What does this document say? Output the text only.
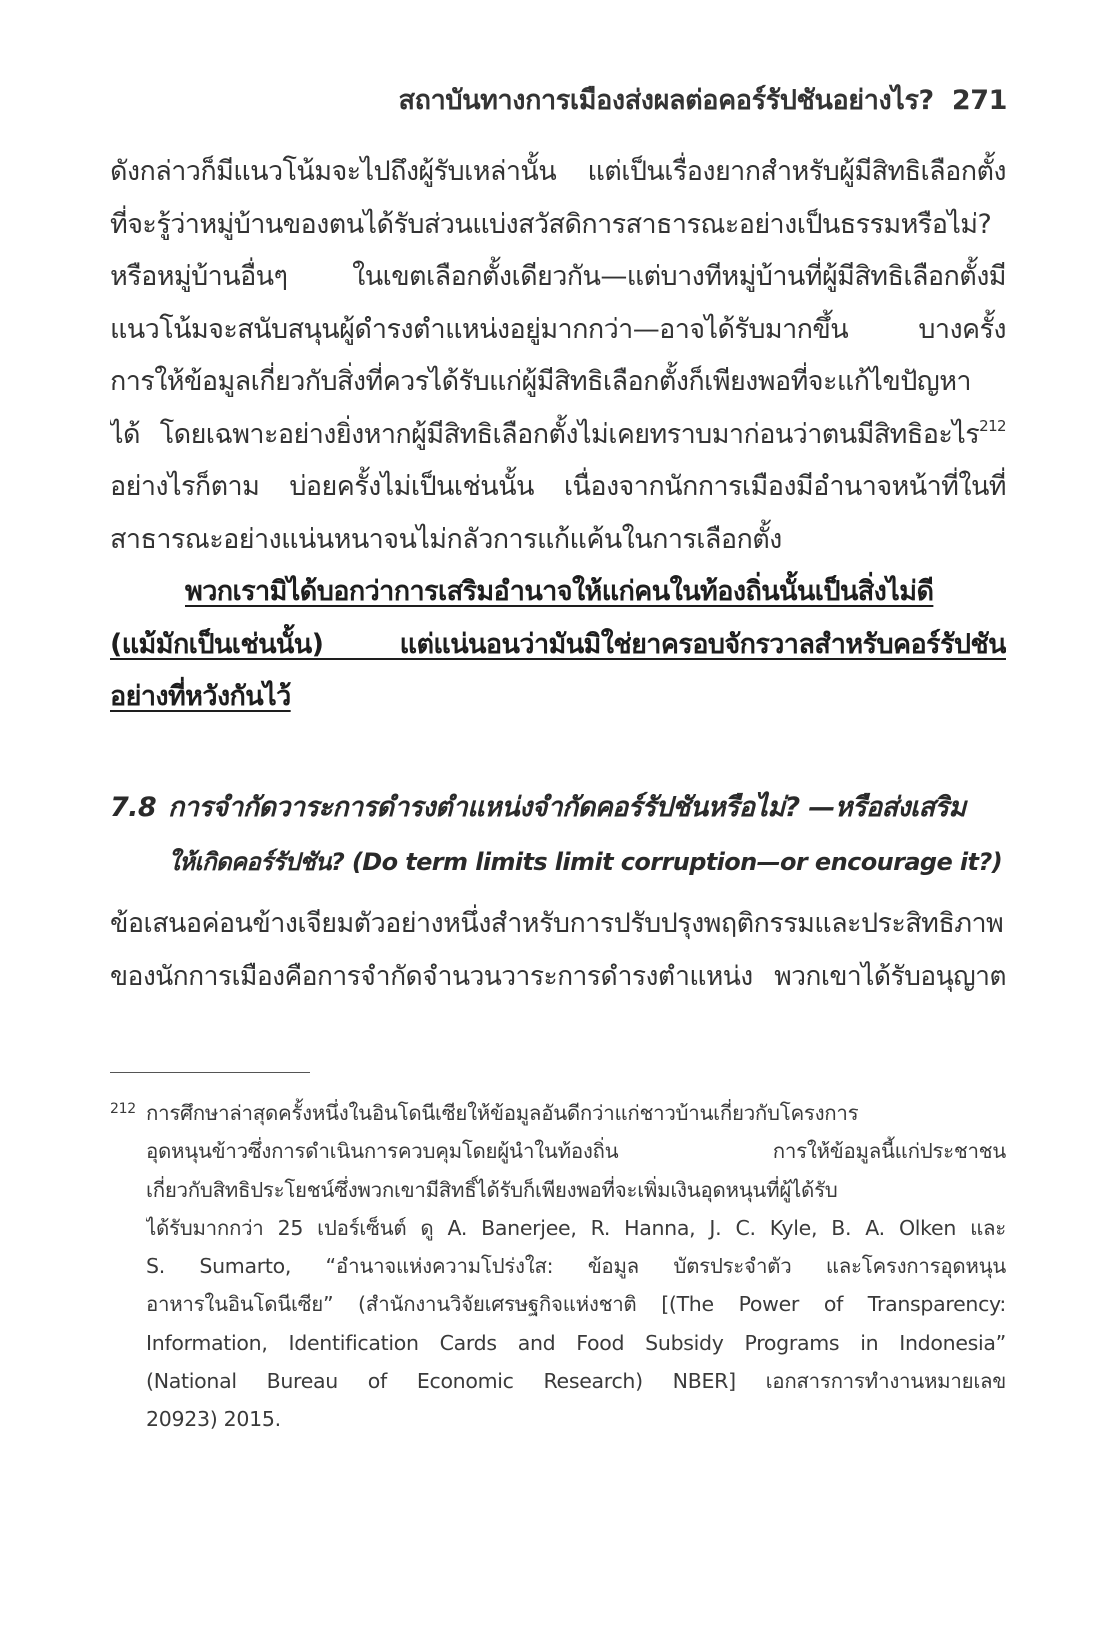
สถาบันทางการเมืองส่งผลต่อคอร์รัปชันอย่างไร? 271
ดังกล่าวก็มีแนวโน้มจะไปถึงผู้รับเหล่านั้น แต่เป็นเรื่องยากสำหรับผู้มีสิทธิเลือกตั้ง
ที่จะรู้ว่าหมู่บ้านของตนได้รับส่วนแบ่งสวัสดิการสาธารณะอย่างเป็นธรรมหรือไม่?
หรือหมู่บ้านอื่นๆ ในเขตเลือกตั้งเดียวกัน—แต่บางทีหมู่บ้านที่ผู้มีสิทธิเลือกตั้งมี
แนวโน้มจะสนับสนุนผู้ดำรงตำแหน่งอยู่มากกว่า—อาจได้รับมากขึ้น บางครั้ง
การให้ข้อมูลเกี่ยวกับสิ่งที่ควรได้รับแก่ผู้มีสิทธิเลือกตั้งก็เพียงพอที่จะแก้ไขปัญหา
ได้ โดยเฉพาะอย่างยิ่งหากผู้มีสิทธิเลือกตั้งไม่เคยทราบมาก่อนว่าตนมีสิทธิอะไร$^{212}$
อย่างไรก็ตาม บ่อยครั้งไม่เป็นเช่นนั้น เนื่องจากนักการเมืองมีอำนาจหน้าที่ในที่
สาธารณะอย่างแน่นหนาจนไม่กลัวการแก้แค้นในการเลือกตั้ง
พวกเรามิได้บอกว่าการเสริมอำนาจให้แก่คนในท้องถิ่นนั้นเป็นสิ่งไม่ดี
(แม้มักเป็นเช่นนั้น) แต่แน่นอนว่ามันมิใช่ยาครอบจักรวาลสำหรับคอร์รัปชัน
อย่างที่หวังกันไว้
7.8 การจำกัดวาระการดำรงตำแหน่งจำกัดคอร์รัปชันหรือไม่? —หรือส่งเสริม
ให้เกิดคอร์รัปชัน? (Do term limits limit corruption—or encourage it?)
ข้อเสนอค่อนข้างเจียมตัวอย่างหนึ่งสำหรับการปรับปรุงพฤติกรรมและประสิทธิภาพ
ของนักการเมืองคือการจำกัดจำนวนวาระการดำรงตำแหน่ง พวกเขาได้รับอนุญาต
212 การศึกษาล่าสุดครั้งหนึ่งในอินโดนีเซียให้ข้อมูลอันดีกว่าแก่ชาวบ้านเกี่ยวกับโครงการ
อุดหนุนข้าวซึ่งการดำเนินการควบคุมโดยผู้นำในท้องถิ่น การให้ข้อมูลนี้แก่ประชาชน
เกี่ยวกับสิทธิประโยชน์ซึ่งพวกเขามีสิทธิ์ได้รับก็เพียงพอที่จะเพิ่มเงินอุดหนุนที่ผู้ได้รับ
ได้รับมากกว่า 25 เปอร์เซ็นต์ ดู A. Banerjee, R. Hanna, J. C. Kyle, B. A. Olken และ
S. Sumarto, “อำนาจแห่งความโปร่งใส: ข้อมูล บัตรประจำตัว และโครงการอุดหนุน
อาหารในอินโดนีเซีย” (สำนักงานวิจัยเศรษฐกิจแห่งชาติ [(The Power of Transparency:
Information, Identification Cards and Food Subsidy Programs in Indonesia”
(National Bureau of Economic Research) NBER] เอกสารการทำงานหมายเลข
20923) 2015.
